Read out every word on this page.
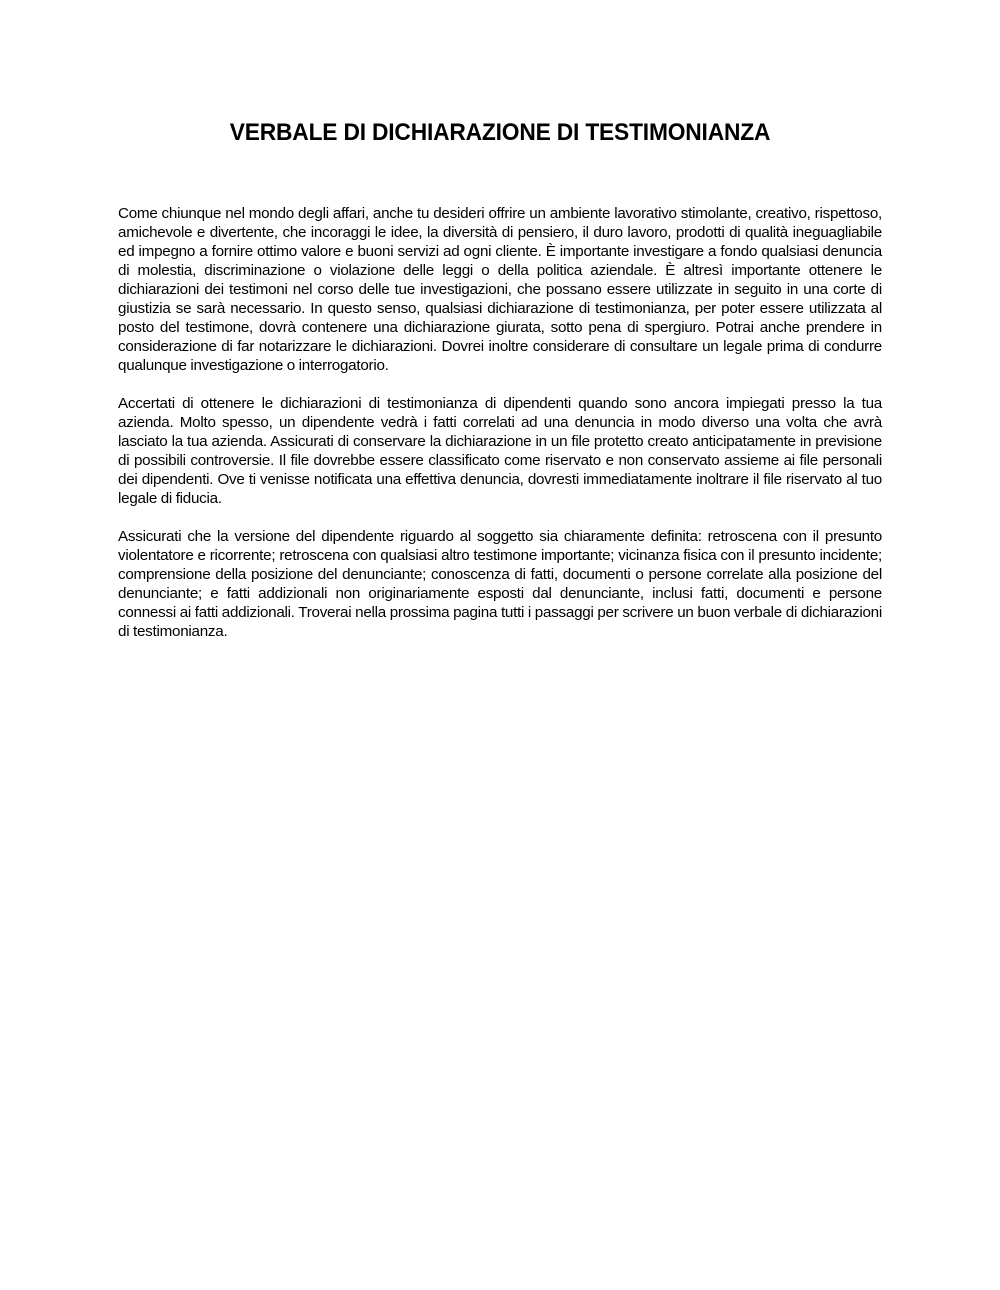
VERBALE DI DICHIARAZIONE DI TESTIMONIANZA

Come chiunque nel mondo degli affari, anche tu desideri offrire un ambiente lavorativo stimolante, creativo, rispettoso, amichevole e divertente, che incoraggi le idee, la diversità di pensiero, il duro lavoro, prodotti di qualità ineguagliabile ed impegno a fornire ottimo valore e buoni servizi ad ogni cliente. È importante investigare a fondo qualsiasi denuncia di molestia, discriminazione o violazione delle leggi o della politica aziendale. È altresì importante ottenere le dichiarazioni dei testimoni nel corso delle tue investigazioni, che possano essere utilizzate in seguito in una corte di giustizia se sarà necessario. In questo senso, qualsiasi dichiarazione di testimonianza, per poter essere utilizzata al posto del testimone, dovrà contenere una dichiarazione giurata, sotto pena di spergiuro. Potrai anche prendere in considerazione di far notarizzare le dichiarazioni. Dovrei inoltre considerare di consultare un legale prima di condurre qualunque investigazione o interrogatorio.

Accertati di ottenere le dichiarazioni di testimonianza di dipendenti quando sono ancora impiegati presso la tua azienda. Molto spesso, un dipendente vedrà i fatti correlati ad una denuncia in modo diverso una volta che avrà lasciato la tua azienda. Assicurati di conservare la dichiarazione in un file protetto creato anticipatamente in previsione di possibili controversie. Il file dovrebbe essere classificato come riservato e non conservato assieme ai file personali dei dipendenti. Ove ti venisse notificata una effettiva denuncia, dovresti immediatamente inoltrare il file riservato al tuo legale di fiducia.

Assicurati che la versione del dipendente riguardo al soggetto sia chiaramente definita: retroscena con il presunto violentatore e ricorrente; retroscena con qualsiasi altro testimone importante; vicinanza fisica con il presunto incidente; comprensione della posizione del denunciante; conoscenza di fatti, documenti o persone correlate alla posizione del denunciante; e fatti addizionali non originariamente esposti dal denunciante, inclusi fatti, documenti e persone connessi ai fatti addizionali. Troverai nella prossima pagina tutti i passaggi per scrivere un buon verbale di dichiarazioni di testimonianza.
